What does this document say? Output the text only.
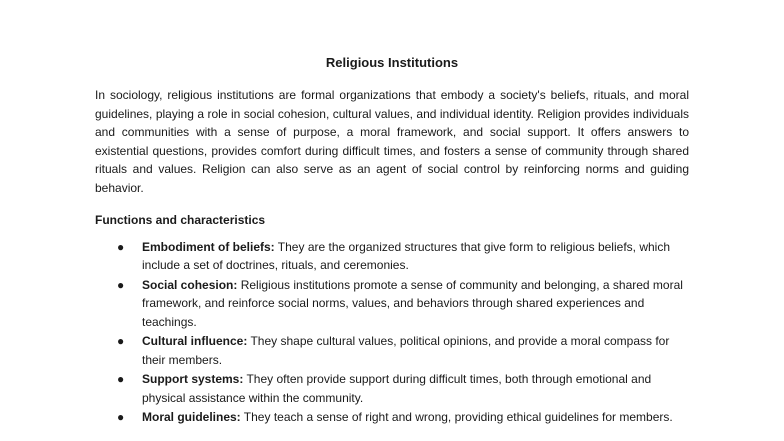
Religious Institutions

In sociology, religious institutions are formal organizations that embody a society's beliefs, rituals, and moral guidelines, playing a role in social cohesion, cultural values, and individual identity. Religion provides individuals and communities with a sense of purpose, a moral framework, and social support. It offers answers to existential questions, provides comfort during difficult times, and fosters a sense of community through shared rituals and values. Religion can also serve as an agent of social control by reinforcing norms and guiding behavior.

Functions and characteristics
● Embodiment of beliefs: They are the organized structures that give form to religious beliefs, which include a set of doctrines, rituals, and ceremonies.
● Social cohesion: Religious institutions promote a sense of community and belonging, a shared moral framework, and reinforce social norms, values, and behaviors through shared experiences and teachings.
● Cultural influence: They shape cultural values, political opinions, and provide a moral compass for their members.
● Support systems: They often provide support during difficult times, both through emotional and physical assistance within the community.
● Moral guidelines: They teach a sense of right and wrong, providing ethical guidelines for members.
